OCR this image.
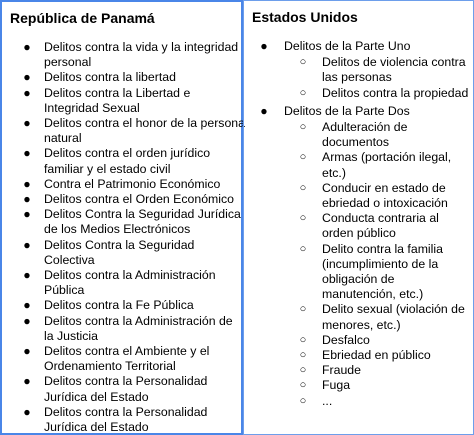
República de Panamá
● Delitos contra la vida y la integridad personal
● Delitos contra la libertad
● Delitos contra la Libertad e Integridad Sexual
● Delitos contra el honor de la persona natural
● Delitos contra el orden jurídico familiar y el estado civil
● Contra el Patrimonio Económico
● Delitos contra el Orden Económico
● Delitos Contra la Seguridad Jurídica de los Medios Electrónicos
● Delitos Contra la Seguridad Colectiva
● Delitos contra la Administración Pública
● Delitos contra la Fe Pública
● Delitos contra la Administración de la Justicia
● Delitos contra el Ambiente y el Ordenamiento Territorial
● Delitos contra la Personalidad Jurídica del Estado
● Delitos contra la Personalidad Jurídica del Estado
Estados Unidos
● Delitos de la Parte Uno
○ Delitos de violencia contra las personas
○ Delitos contra la propiedad
● Delitos de la Parte Dos
○ Adulteración de documentos
○ Armas (portación ilegal, etc.)
○ Conducir en estado de ebriedad o intoxicación
○ Conducta contraria al orden público
○ Delito contra la familia (incumplimiento de la obligación de manutención, etc.)
○ Delito sexual (violación de menores, etc.)
○ Desfalco
○ Ebriedad en público
○ Fraude
○ Fuga
○ ...
